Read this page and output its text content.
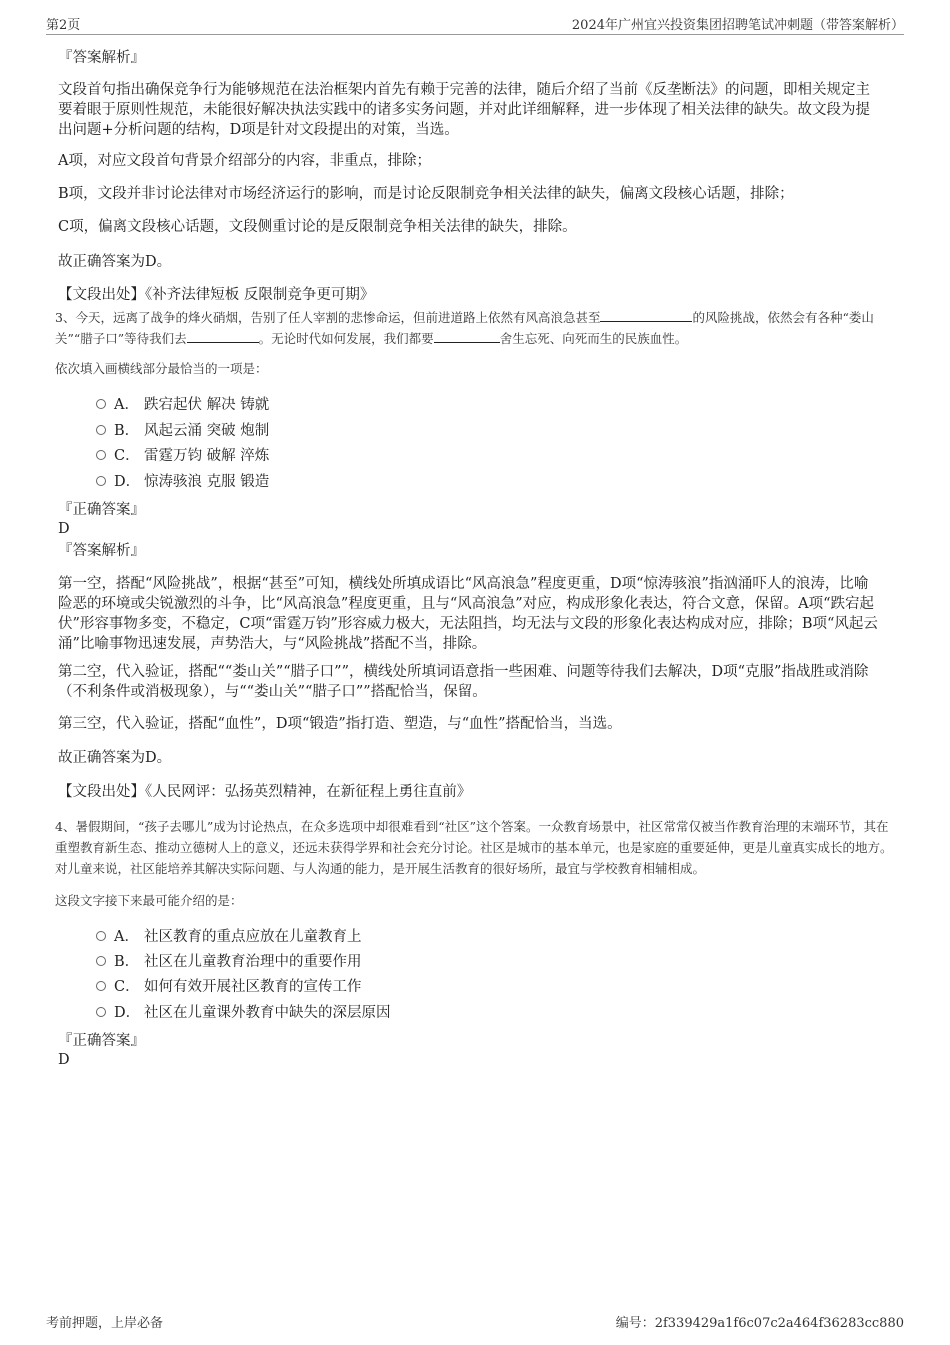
第2页	2024年广州宜兴投资集团招聘笔试冲刺题（带答案解析）

『答案解析』

文段首句指出确保竞争行为能够规范在法治框架内首先有赖于完善的法律，随后介绍了当前《反垄断法》的问题，即相关规定主要着眼于原则性规范，未能很好解决执法实践中的诸多实务问题，并对此详细解释，进一步体现了相关法律的缺失。故文段为提出问题+分析问题的结构，D项是针对文段提出的对策，当选。

A项，对应文段首句背景介绍部分的内容，非重点，排除；

B项，文段并非讨论法律对市场经济运行的影响，而是讨论反限制竞争相关法律的缺失，偏离文段核心话题，排除；

C项，偏离文段核心话题，文段侧重讨论的是反限制竞争相关法律的缺失，排除。

故正确答案为D。

【文段出处】《补齐法律短板 反限制竞争更可期》

3、今天，远离了战争的烽火硝烟，告别了任人宰割的悲惨命运，但前进道路上依然有风高浪急甚至	的风险挑战，依然会有各种“娄山关”“腊子口”等待我们去	。无论时代如何发展，我们都要	舍生忘死、向死而生的民族血性。

依次填入画横线部分最恰当的一项是：

A． 跌宕起伏 解决 铸就
B． 风起云涌 突破 炮制
C． 雷霆万钧 破解 淬炼
D． 惊涛骇浪 克服 锻造

『正确答案』

D

『答案解析』

第一空，搭配“风险挑战”，根据“甚至”可知，横线处所填成语比“风高浪急”程度更重，D项“惊涛骇浪”指汹涌吓人的浪涛，比喻险恶的环境或尖锐激烈的斗争，比“风高浪急”程度更重，且与“风高浪急”对应，构成形象化表达，符合文意，保留。A项“跌宕起伏”形容事物多变，不稳定，C项“雷霆万钧”形容威力极大，无法阻挡，均无法与文段的形象化表达构成对应，排除；B项“风起云涌”比喻事物迅速发展，声势浩大，与“风险挑战”搭配不当，排除。

第二空，代入验证，搭配““娄山关”“腊子口””，横线处所填词语意指一些困难、问题等待我们去解决，D项“克服”指战胜或消除（不利条件或消极现象），与““娄山关”“腊子口””搭配恰当，保留。

第三空，代入验证，搭配“血性”，D项“锻造”指打造、塑造，与“血性”搭配恰当，当选。

故正确答案为D。

【文段出处】《人民网评：弘扬英烈精神，在新征程上勇往直前》

4、暑假期间，“孩子去哪儿”成为讨论热点，在众多选项中却很难看到“社区”这个答案。一众教育场景中，社区常常仅被当作教育治理的末端环节，其在重塑教育新生态、推动立德树人上的意义，还远未获得学界和社会充分讨论。社区是城市的基本单元，也是家庭的重要延伸，更是儿童真实成长的地方。对儿童来说，社区能培养其解决实际问题、与人沟通的能力，是开展生活教育的很好场所，最宜与学校教育相辅相成。

这段文字接下来最可能介绍的是：

A． 社区教育的重点应放在儿童教育上
B． 社区在儿童教育治理中的重要作用
C． 如何有效开展社区教育的宣传工作
D． 社区在儿童课外教育中缺失的深层原因

『正确答案』

D

考前押题，上岸必备	编号：2f339429a1f6c07c2a464f36283cc880
